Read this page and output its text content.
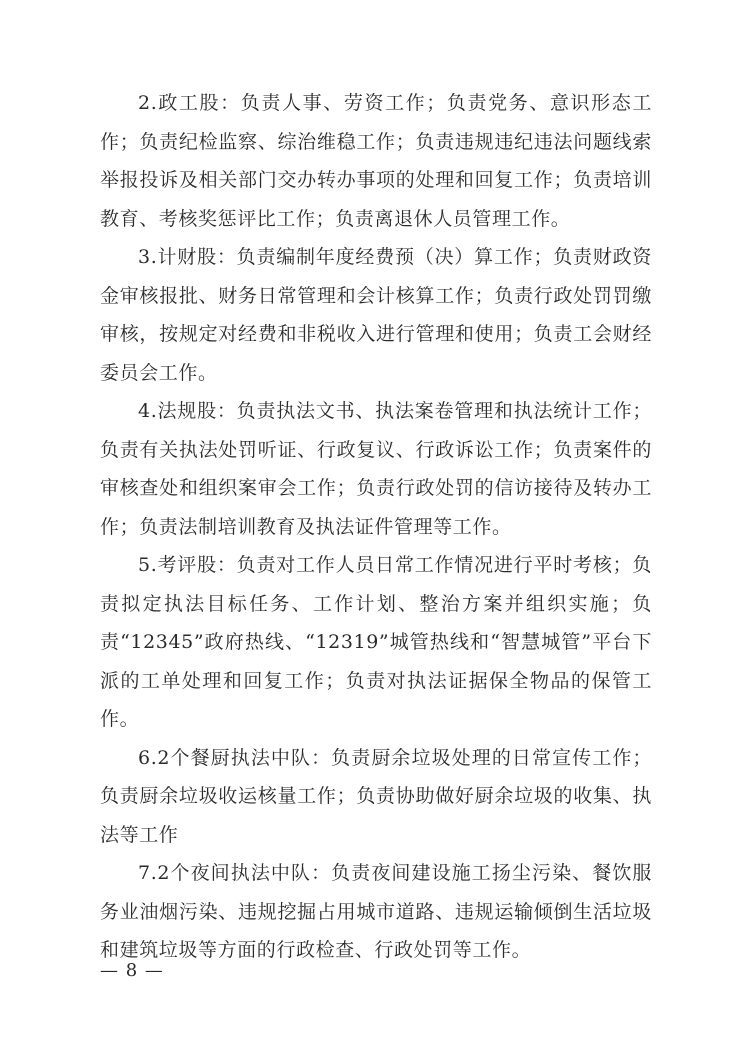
2.政工股：负责人事、劳资工作；负责党务、意识形态工作；负责纪检监察、综治维稳工作；负责违规违纪违法问题线索举报投诉及相关部门交办转办事项的处理和回复工作；负责培训教育、考核奖惩评比工作；负责离退休人员管理工作。

3.计财股：负责编制年度经费预（决）算工作；负责财政资金审核报批、财务日常管理和会计核算工作；负责行政处罚罚缴审核，按规定对经费和非税收入进行管理和使用；负责工会财经委员会工作。

4.法规股：负责执法文书、执法案卷管理和执法统计工作；负责有关执法处罚听证、行政复议、行政诉讼工作；负责案件的审核查处和组织案审会工作；负责行政处罚的信访接待及转办工作；负责法制培训教育及执法证件管理等工作。

5.考评股：负责对工作人员日常工作情况进行平时考核；负责拟定执法目标任务、工作计划、整治方案并组织实施；负责“12345”政府热线、“12319”城管热线和“智慧城管”平台下派的工单处理和回复工作；负责对执法证据保全物品的保管工作。

6.2个餐厨执法中队：负责厨余垃圾处理的日常宣传工作；负责厨余垃圾收运核量工作；负责协助做好厨余垃圾的收集、执法等工作

7.2个夜间执法中队：负责夜间建设施工扬尘污染、餐饮服务业油烟污染、违规挖掘占用城市道路、违规运输倾倒生活垃圾和建筑垃圾等方面的行政检查、行政处罚等工作。

— 8 —
